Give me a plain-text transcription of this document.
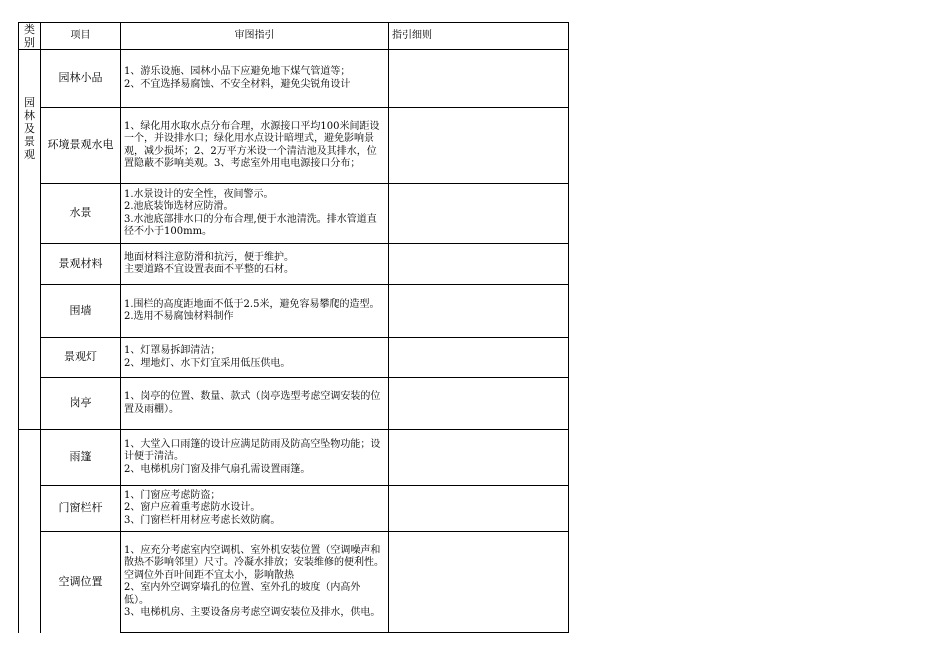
类别	项目	审图指引	指引细则

园林及景观	园林小品	1、游乐设施、园林小品下应避免地下煤气管道等；
2、不宜选择易腐蚀、不安全材料，避免尖锐角设计	
	环境景观水电	1、绿化用水取水点分布合理，水源接口平均100米间距设一个，并设排水口；绿化用水点设计暗埋式，避免影响景观，减少损坏；2、2万平方米设一个清洁池及其排水，位置隐蔽不影响美观。3、考虑室外用电电源接口分布；	
	水景	1.水景设计的安全性，夜间警示。
2.池底装饰选材应防滑。
3.水池底部排水口的分布合理,便于水池清洗。排水管道直径不小于100mm。	
	景观材料	地面材料注意防滑和抗污，便于维护。
主要道路不宜设置表面不平整的石材。	
	围墙	1.围栏的高度距地面不低于2.5米，避免容易攀爬的造型。
2.选用不易腐蚀材料制作	
	景观灯	1、灯罩易拆卸清洁；
2、埋地灯、水下灯宜采用低压供电。	
	岗亭	1、岗亭的位置、数量、款式（岗亭选型考虑空调安装的位置及雨棚）。	

	雨篷	1、大堂入口雨篷的设计应满足防雨及防高空坠物功能；设计便于清洁。
2、电梯机房门窗及排气扇孔需设置雨篷。	
	门窗栏杆	1、门窗应考虑防盗；
2、窗户应着重考虑防水设计。
3、门窗栏杆用材应考虑长效防腐。	
	空调位置	1、应充分考虑室内空调机、室外机安装位置（空调噪声和散热不影响邻里）尺寸。冷凝水排放；安装维修的便利性。空调位外百叶间距不宜太小，影响散热
2、室内外空调穿墙孔的位置、室外孔的坡度（内高外低）。
3、电梯机房、主要设备房考虑空调安装位及排水，供电。	
